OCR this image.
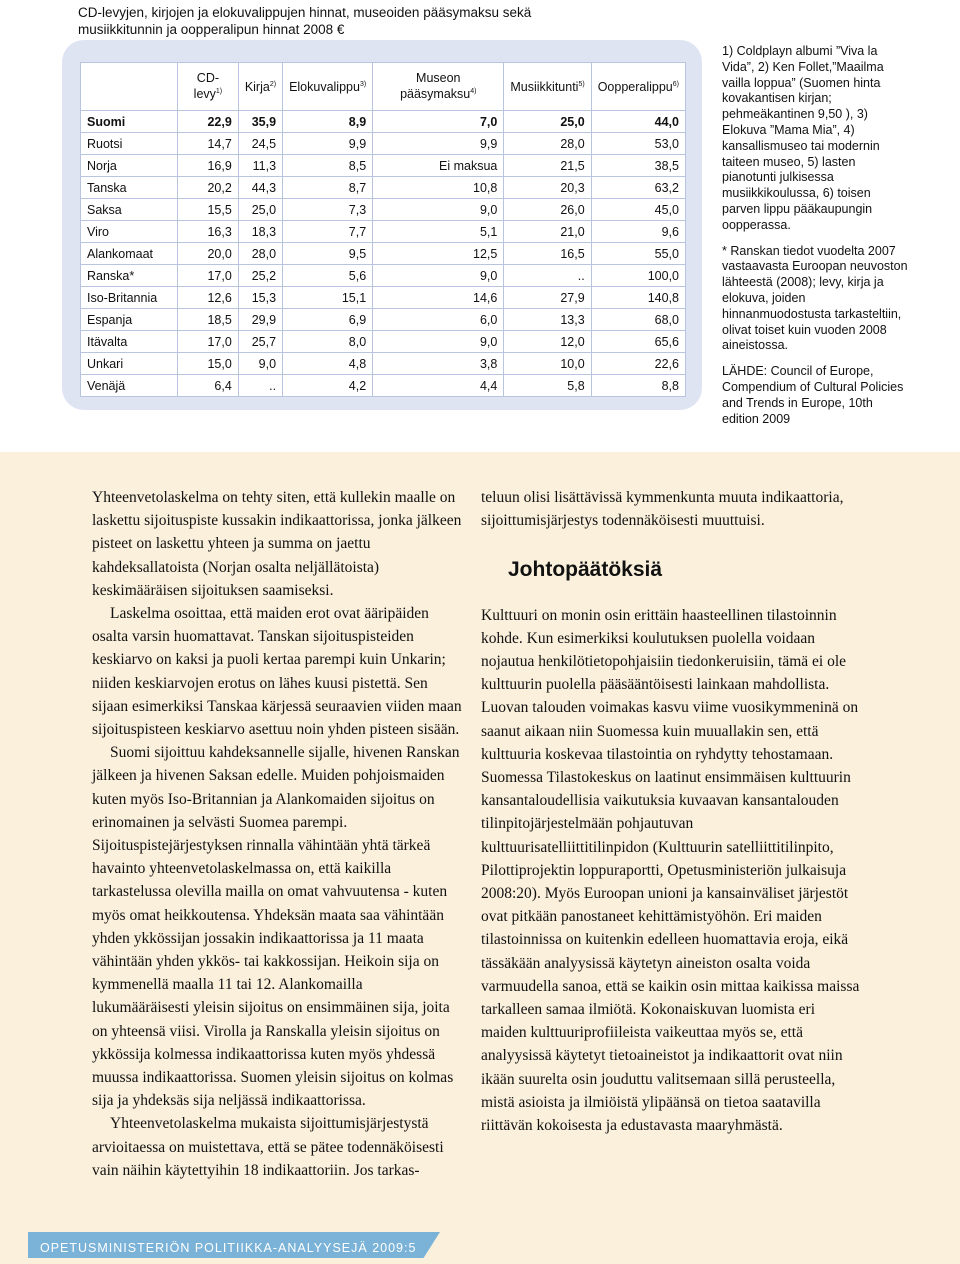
CD-levyjen, kirjojen ja elokuvalippujen hinnat, museoiden pääsymaksu sekä musiikkitunnin ja oopperalipun hinnat 2008 €
	CD-levy$^{1)}$	Kirja$^{2)}$	Elokuvalippu$^{3)}$	Museon pääsymaksu$^{4)}$	Musiikkitunti$^{5)}$	Oopperalippu$^{6)}$
Suomi	22,9	35,9	8,9	7,0	25,0	44,0
Ruotsi	14,7	24,5	9,9	9,9	28,0	53,0
Norja	16,9	11,3	8,5	Ei maksua	21,5	38,5
Tanska	20,2	44,3	8,7	10,8	20,3	63,2
Saksa	15,5	25,0	7,3	9,0	26,0	45,0
Viro	16,3	18,3	7,7	5,1	21,0	9,6
Alankomaat	20,0	28,0	9,5	12,5	16,5	55,0
Ranska*	17,0	25,2	5,6	9,0	..	100,0
Iso-Britannia	12,6	15,3	15,1	14,6	27,9	140,8
Espanja	18,5	29,9	6,9	6,0	13,3	68,0
Itävalta	17,0	25,7	8,0	9,0	12,0	65,6
Unkari	15,0	9,0	4,8	3,8	10,0	22,6
Venäjä	6,4	..	4,2	4,4	5,8	8,8

1) Coldplayn albumi ”Viva la Vida”, 2) Ken Follet,”Maailma vailla loppua” (Suomen hinta kovakantisen kirjan; pehmeäkantinen 9,50 ), 3) Elokuva ”Mama Mia”, 4) kansallismuseo tai modernin taiteen museo, 5) lasten pianotunti julkisessa musiikkikoulussa, 6) toisen parven lippu pääkaupungin oopperassa.

* Ranskan tiedot vuodelta 2007 vastaavasta Euroopan neuvoston lähteestä (2008); levy, kirja ja elokuva, joiden hinnanmuodostusta tarkasteltiin, olivat toiset kuin vuoden 2008 aineistossa.

LÄHDE: Council of Europe, Compendium of Cultural Policies and Trends in Europe, 10th edition 2009

Yhteenvetolaskelma on tehty siten, että kullekin maalle on laskettu sijoituspiste kussakin indikaattorissa, jonka jälkeen pisteet on laskettu yhteen ja summa on jaettu kahdeksallatoista (Norjan osalta neljällätoista) keskimääräisen sijoituksen saamiseksi.

Laskelma osoittaa, että maiden erot ovat ääripäiden osalta varsin huomattavat. Tanskan sijoituspisteiden keskiarvo on kaksi ja puoli kertaa parempi kuin Unkarin; niiden keskiarvojen erotus on lähes kuusi pistettä. Sen sijaan esimerkiksi Tanskaa kärjessä seuraavien viiden maan sijoituspisteen keskiarvo asettuu noin yhden pisteen sisään.

Suomi sijoittuu kahdeksannelle sijalle, hivenen Ranskan jälkeen ja hivenen Saksan edelle. Muiden pohjoismaiden kuten myös Iso-Britannian ja Alankomaiden sijoitus on erinomainen ja selvästi Suomea parempi. Sijoituspistejärjestyksen rinnalla vähintään yhtä tärkeä havainto yhteenvetolaskelmassa on, että kaikilla tarkastelussa olevilla mailla on omat vahvuutensa - kuten myös omat heikkoutensa. Yhdeksän maata saa vähintään yhden ykkössijan jossakin indikaattorissa ja 11 maata vähintään yhden ykkös- tai kakkossijan. Heikoin sija on kymmenellä maalla 11 tai 12. Alankomailla lukumääräisesti yleisin sijoitus on ensimmäinen sija, joita on yhteensä viisi. Virolla ja Ranskalla yleisin sijoitus on ykkössija kolmessa indikaattorissa kuten myös yhdessä muussa indikaattorissa. Suomen yleisin sijoitus on kolmas sija ja yhdeksäs sija neljässä indikaattorissa.

Yhteenvetolaskelma mukaista sijoittumisjärjestystä arvioitaessa on muistettava, että se pätee todennäköisesti vain näihin käytettyihin 18 indikaattoriin. Jos tarkas-

teluun olisi lisättävissä kymmenkunta muuta indikaattoria, sijoittumisjärjestys todennäköisesti muuttuisi.

Johtopäätöksiä

Kulttuuri on monin osin erittäin haasteellinen tilastoinnin kohde. Kun esimerkiksi koulutuksen puolella voidaan nojautua henkilötietopohjaisiin tiedonkeruisiin, tämä ei ole kulttuurin puolella pääsääntöisesti lainkaan mahdollista. Luovan talouden voimakas kasvu viime vuosikymmeninä on saanut aikaan niin Suomessa kuin muuallakin sen, että kulttuuria koskevaa tilastointia on ryhdytty tehostamaan. Suomessa Tilastokeskus on laatinut ensimmäisen kulttuurin kansantaloudellisia vaikutuksia kuvaavan kansantalouden tilinpitojärjestelmään pohjautuvan kulttuurisatelliittitilinpidon (Kulttuurin satelliittitilinpito, Pilottiprojektin loppuraportti, Opetusministeriön julkaisuja 2008:20). Myös Euroopan unioni ja kansainväliset järjestöt ovat pitkään panostaneet kehittämistyöhön. Eri maiden tilastoinnissa on kuitenkin edelleen huomattavia eroja, eikä tässäkään analyysissä käytetyn aineiston osalta voida varmuudella sanoa, että se kaikin osin mittaa kaikissa maissa tarkalleen samaa ilmiötä. Kokonaiskuvan luomista eri maiden kulttuuriprofiileista vaikeuttaa myös se, että analyysissä käytetyt tietoaineistot ja indikaattorit ovat niin ikään suurelta osin jouduttu valitsemaan sillä perusteella, mistä asioista ja ilmiöistä ylipäänsä on tietoa saatavilla riittävän kokoisesta ja edustavasta maaryhmästä.

OPETUSMINISTERIÖN POLITIIKKA-ANALYYSEJÄ 2009:5
